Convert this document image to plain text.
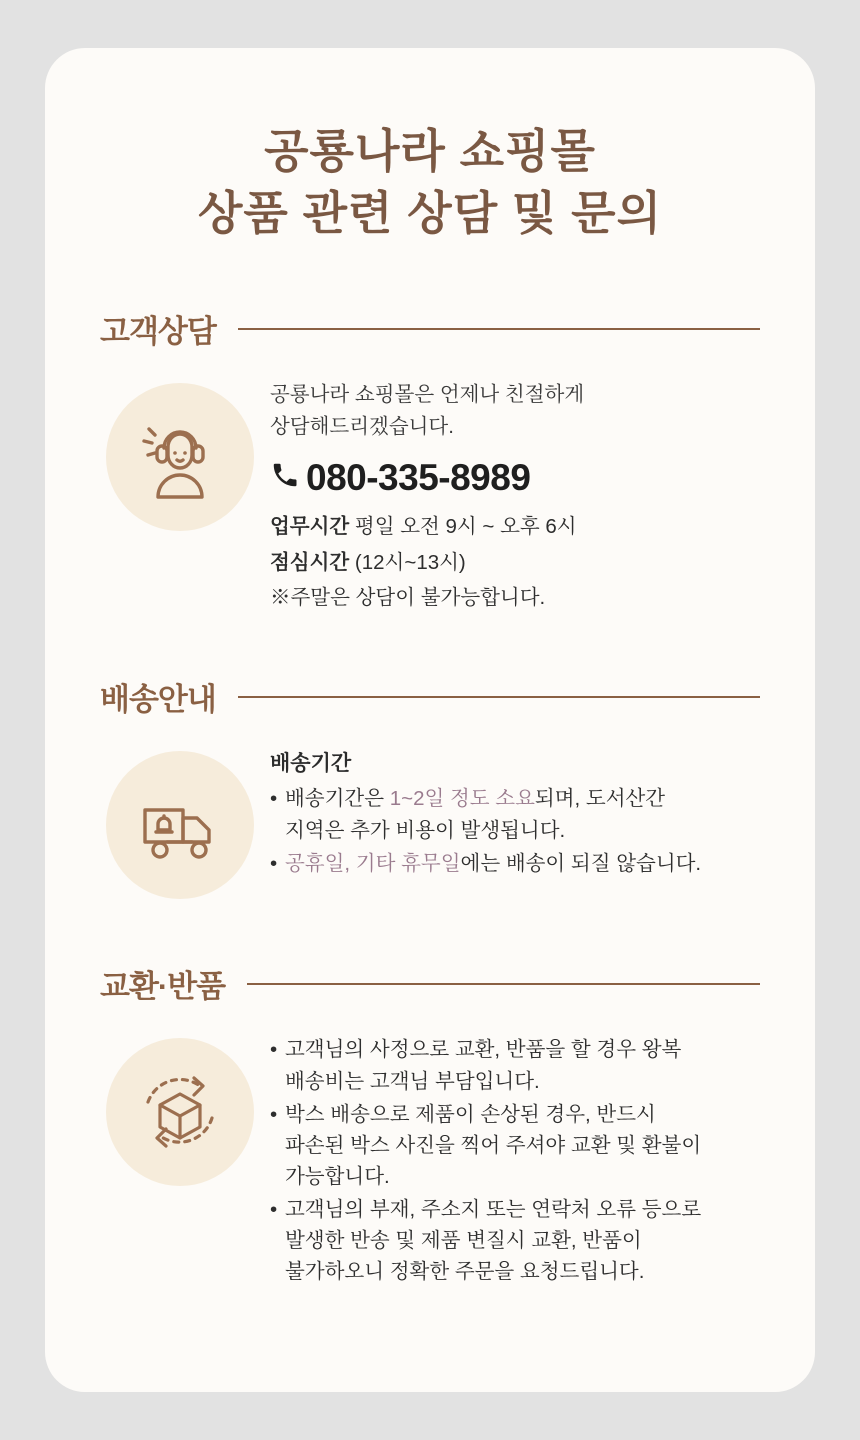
공룡나라 쇼핑몰
상품 관련 상담 및 문의
고객상담
공룡나라 쇼핑몰은 언제나 친절하게
상담해드리겠습니다.
080-335-8989
업무시간 평일 오전 9시 ~ 오후 6시
점심시간 (12시~13시)
※주말은 상담이 불가능합니다.
배송안내
배송기간
• 배송기간은 1~2일 정도 소요되며, 도서산간
지역은 추가 비용이 발생됩니다.
• 공휴일, 기타 휴무일에는 배송이 되질 않습니다.
교환·반품
• 고객님의 사정으로 교환, 반품을 할 경우 왕복
배송비는 고객님 부담입니다.
• 박스 배송으로 제품이 손상된 경우, 반드시
파손된 박스 사진을 찍어 주셔야 교환 및 환불이
가능합니다.
• 고객님의 부재, 주소지 또는 연락처 오류 등으로
발생한 반송 및 제품 변질시 교환, 반품이
불가하오니 정확한 주문을 요청드립니다.
